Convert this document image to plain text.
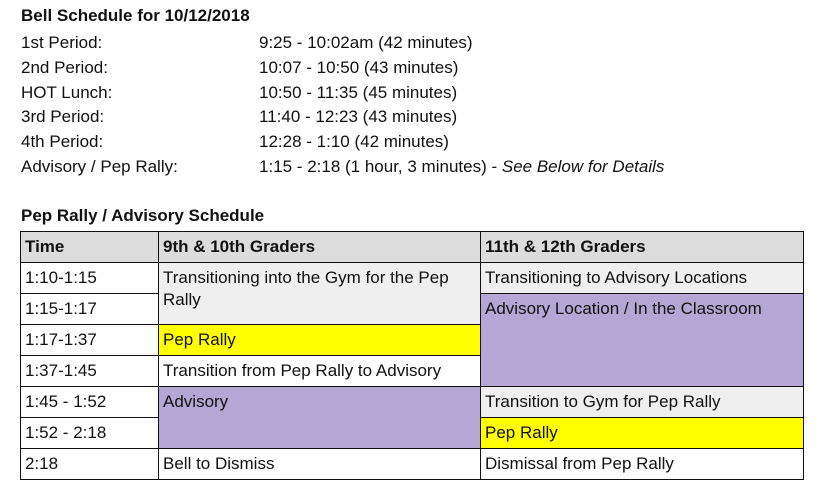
Bell Schedule for 10/12/2018
1st Period:	9:25 - 10:02am (42 minutes)
2nd Period:	10:07 - 10:50 (43 minutes)
HOT Lunch:	10:50 - 11:35 (45 minutes)
3rd Period:	11:40 - 12:23 (43 minutes)
4th Period:	12:28 - 1:10 (42 minutes)
Advisory / Pep Rally:	1:15 - 2:18 (1 hour, 3 minutes) - See Below for Details
Pep Rally / Advisory Schedule
Time	9th & 10th Graders	11th & 12th Graders
1:10-1:15	Transitioning into the Gym for the Pep Rally	Transitioning to Advisory Locations
1:15-1:17		Advisory Location / In the Classroom
1:17-1:37	Pep Rally	
1:37-1:45	Transition from Pep Rally to Advisory	
1:45 - 1:52	Advisory	Transition to Gym for Pep Rally
1:52 - 2:18		Pep Rally
2:18	Bell to Dismiss	Dismissal from Pep Rally
